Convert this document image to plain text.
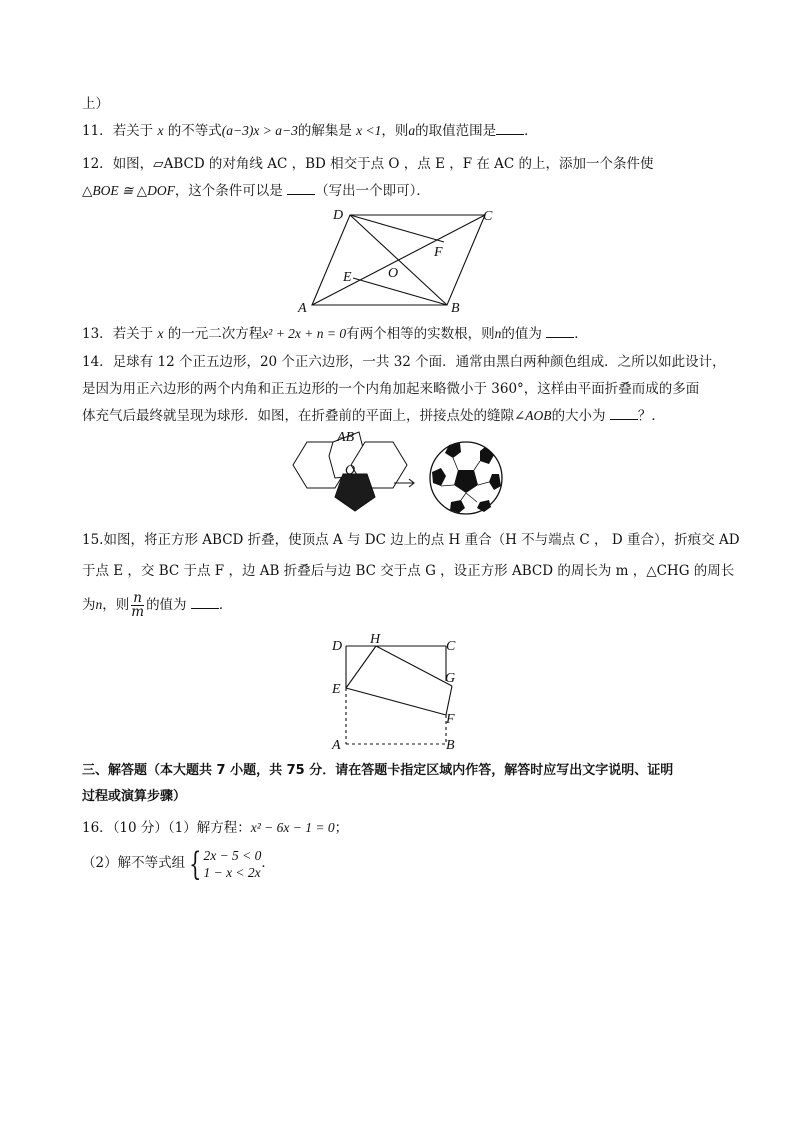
上）
11．若关于 x 的不等式(a−3)x > a−3的解集是 x <1，则a的取值范围是 ．
12．如图，▱ABCD 的对角线 AC ，BD 相交于点 O ，点 E ，F 在 AC 的上，添加一个条件使
△BOE ≅ △DOF，这个条件可以是 （写出一个即可）．
D	C
F
E	O
A	B
13．若关于 x 的一元二次方程x² + 2x + n = 0有两个相等的实数根，则n的值为 ．
14．足球有 12 个正五边形，20 个正六边形，一共 32 个面．通常由黑白两种颜色组成．之所以如此设计，
是因为用正六边形的两个内角和正五边形的一个内角加起来略微小于 360°，这样由平面折叠而成的多面
体充气后最终就呈现为球形．如图，在折叠前的平面上，拼接点处的缝隙∠AOB的大小为 ？．
AB
O
15.如图，将正方形 ABCD 折叠，使顶点 A 与 DC 边上的点 H 重合（H 不与端点 C ， D 重合），折痕交 AD
于点 E ，交 BC 于点 F ，边 AB 折叠后与边 BC 交于点 G ，设正方形 ABCD 的周长为 m ，△CHG 的周长
为n，则 $\frac{n}{m}$ 的值为 ．
D H	C
G
E
F
A	B
三、解答题（本大题共 7 小题，共 75 分．请在答题卡指定区域内作答，解答时应写出文字说明、证明
过程或演算步骤）
16．（10 分）（1）解方程：x² − 6x − 1 = 0；
（2）解不等式组 { 2x − 5 < 0
1 − x < 2x
．
